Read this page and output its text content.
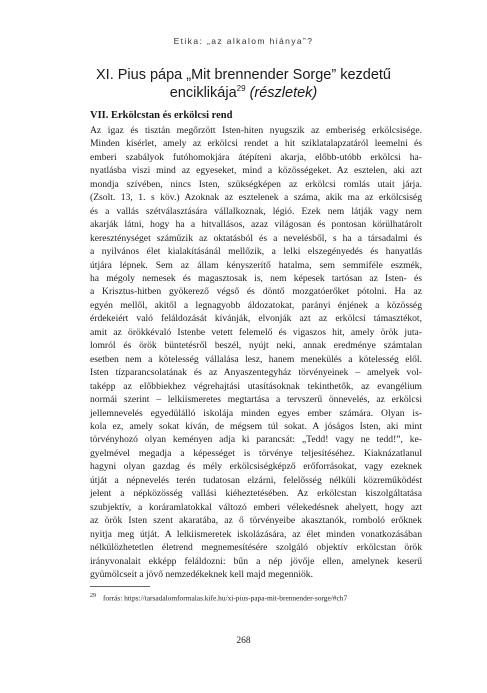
Etika: „az alkalom hiánya”?
XI. Pius pápa „Mit brennender Sorge” kezdetű
enciklikája$^{29}$ (részletek)
VII. Erkölcstan és erkölcsi rend
Az igaz és tisztán megőrzött Isten-hiten nyugszik az emberiség erkölcsisége.
Minden kísérlet, amely az erkölcsi rendet a hit sziklatalapzatáról leemelni és
emberi szabályok futóhomokjára átépíteni akarja, előbb-utóbb erkölcsi ha-
nyatlásba viszi mind az egyeseket, mind a közösségeket. Az esztelen, aki azt
mondja szívében, nincs Isten, szükségképen az erkölcsi romlás utait járja.
(Zsolt. 13, 1. s köv.) Azoknak az esztelenek a száma, akik ma az erkölcsiség
és a vallás szétválasztására vállalkoznak, légió. Ezek nem látják vagy nem
akarják látni, hogy ha a hitvallásos, azaz világosan és pontosan körülhatárolt
kereszténységet száműzik az oktatásból és a nevelésből, s ha a társadalmi és
a nyilvános élet kialakításánál mellőzik, a lelki elszegényedés és hanyatlás
útjára lépnek. Sem az állam kényszerítő hatalma, sem semmiféle eszmék,
ha mégoly nemesek és magasztosak is, nem képesek tartósan az Isten- és
a Krisztus-hitben gyökerező végső és döntő mozgatóerőket pótolni. Ha az
egyén mellől, akitől a legnagyobb áldozatokat, parányi énjének a közösség
érdekeiért való feláldozását kívánják, elvonják azt az erkölcsi támasztékot,
amit az örökkévaló Istenbe vetett felemelő és vigaszos hit, amely örök juta-
lomról és örök büntetésről beszél, nyújt neki, annak eredménye számtalan
esetben nem a kötelesség vállalása lesz, hanem menekülés a kötelesség elől.
Isten tízparancsolatának és az Anyaszentegyház törvényeinek – amelyek vol-
taképp az előbbiekhez végrehajtási utasításoknak tekinthetők, az evangélium
normái szerint – lelkiismeretes megtartása a tervszerű önnevelés, az erkölcsi
jellemnevelés egyedülálló iskolája minden egyes ember számára. Olyan is-
kola ez, amely sokat kíván, de mégsem túl sokat. A jóságos Isten, aki mint
törvényhozó olyan keményen adja ki parancsát: „Tedd! vagy ne tedd!”, ke-
gyelmével megadja a képességet is törvénye teljesítéséhez. Kiaknázatlanul
hagyni olyan gazdag és mély erkölcsiségképző erőforrásokat, vagy ezeknek
útját a népnevelés terén tudatosan elzárni, felelősség nélküli közreműködést
jelent a népközösség vallási kiéheztetésében. Az erkölcstan kiszolgáltatása
szubjektív, a koráramlatokkal változó emberi vélekedésnek ahelyett, hogy azt
az örök Isten szent akaratába, az ő törvényeibe akasztanók, romboló erőknek
nyitja meg útját. A lelkiismeretek iskolázására, az élet minden vonatkozásában
nélkülözhetetlen életrend megnemesítésére szolgáló objektív erkölcstan örök
irányvonalait ekképp feláldozni: bűn a nép jövője ellen, amelynek keserű
gyümölcseit a jövő nemzedékeknek kell majd megenniök.
$^{29}$ forrás: https://tarsadalomformalas.kife.hu/xi-pius-papa-mit-brennender-sorge/#ch7
268
